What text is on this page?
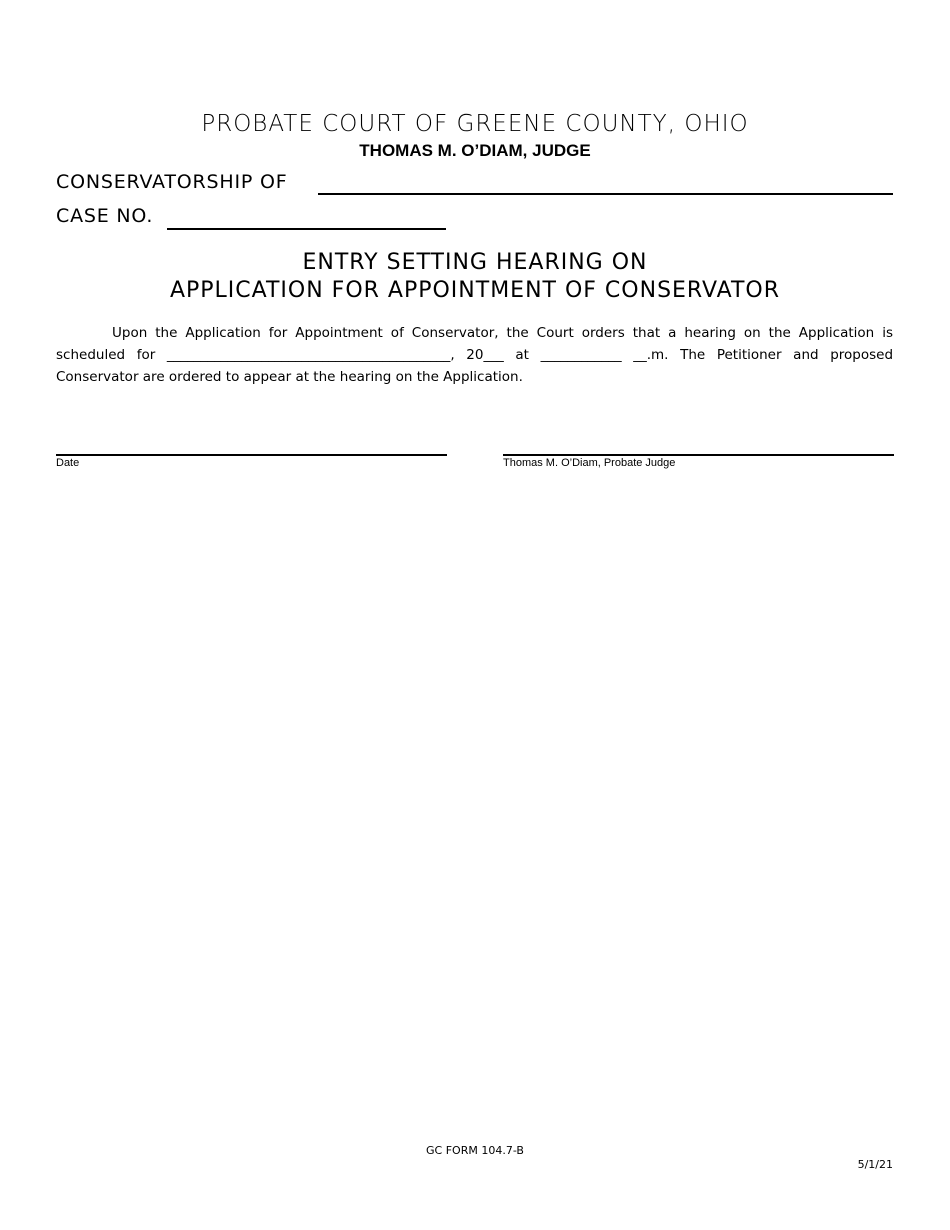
PROBATE COURT OF GREENE COUNTY, OHIO
THOMAS M. O’DIAM, JUDGE
CONSERVATORSHIP OF
CASE NO.
ENTRY SETTING HEARING ON
APPLICATION FOR APPOINTMENT OF CONSERVATOR
Upon the Application for Appointment of Conservator, the Court orders that a hearing on the Application is scheduled for __________________________________________, 20___ at ____________ __.m. The Petitioner and proposed Conservator are ordered to appear at the hearing on the Application.
Date	Thomas M. O’Diam, Probate Judge
GC FORM 104.7-B
5/1/21
